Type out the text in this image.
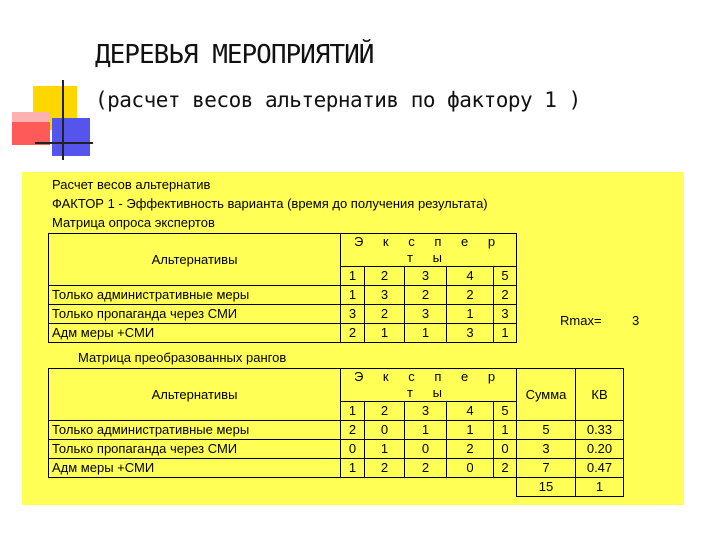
ДЕРЕВЬЯ МЕРОПРИЯТИЙ
(расчет весов альтернатив по фактору 1 )
Расчет весов альтернатив
ФАКТОР 1 - Эффективность варианта (время до получения результата)
Матрица опроса экспертов
Альтернативы	Э к с п е р т ы				
	1	2	3	4	5
Только административные меры	1	3	2	2	2
Только пропаганда через СМИ	3	2	3	1	3
Адм меры +СМИ	2	1	1	3	1
Rmax= 3
Матрица преобразованных рангов
Альтернативы	Э к с п е р т ы					Сумма	КВ
	1	2	3	4	5		
Только административные меры	2	0	1	1	1	5	0.33
Только пропаганда через СМИ	0	1	0	2	0	3	0.20
Адм меры +СМИ	1	2	2	0	2	7	0.47
						15	1
